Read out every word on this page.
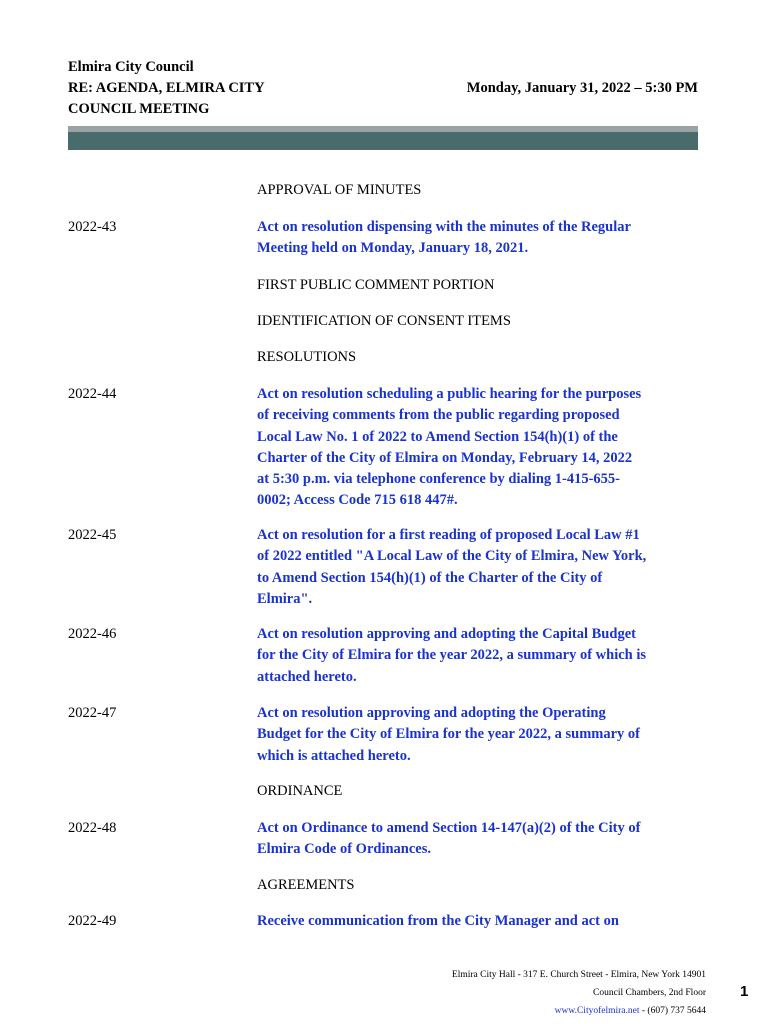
Elmira City Council
RE: AGENDA, ELMIRA CITY
COUNCIL MEETING
Monday, January 31, 2022 – 5:30 PM
APPROVAL OF MINUTES
2022-43	Act on resolution dispensing with the minutes of the Regular Meeting held on Monday, January 18, 2021.
FIRST PUBLIC COMMENT PORTION
IDENTIFICATION OF CONSENT ITEMS
RESOLUTIONS
2022-44	Act on resolution scheduling a public hearing for the purposes of receiving comments from the public regarding proposed Local Law No. 1 of 2022 to Amend Section 154(h)(1) of the Charter of the City of Elmira on Monday, February 14, 2022 at 5:30 p.m. via telephone conference by dialing 1-415-655-0002; Access Code 715 618 447#.
2022-45	Act on resolution for a first reading of proposed Local Law #1 of 2022 entitled "A Local Law of the City of Elmira, New York, to Amend Section 154(h)(1) of the Charter of the City of Elmira".
2022-46	Act on resolution approving and adopting the Capital Budget for the City of Elmira for the year 2022, a summary of which is attached hereto.
2022-47	Act on resolution approving and adopting the Operating Budget for the City of Elmira for the year 2022, a summary of which is attached hereto.
ORDINANCE
2022-48	Act on Ordinance to amend Section 14-147(a)(2) of the City of Elmira Code of Ordinances.
AGREEMENTS
2022-49	Receive communication from the City Manager and act on
Elmira City Hall - 317 E. Church Street - Elmira, New York 14901
Council Chambers, 2nd Floor
www.Cityofelmira.net - (607) 737 5644
1
